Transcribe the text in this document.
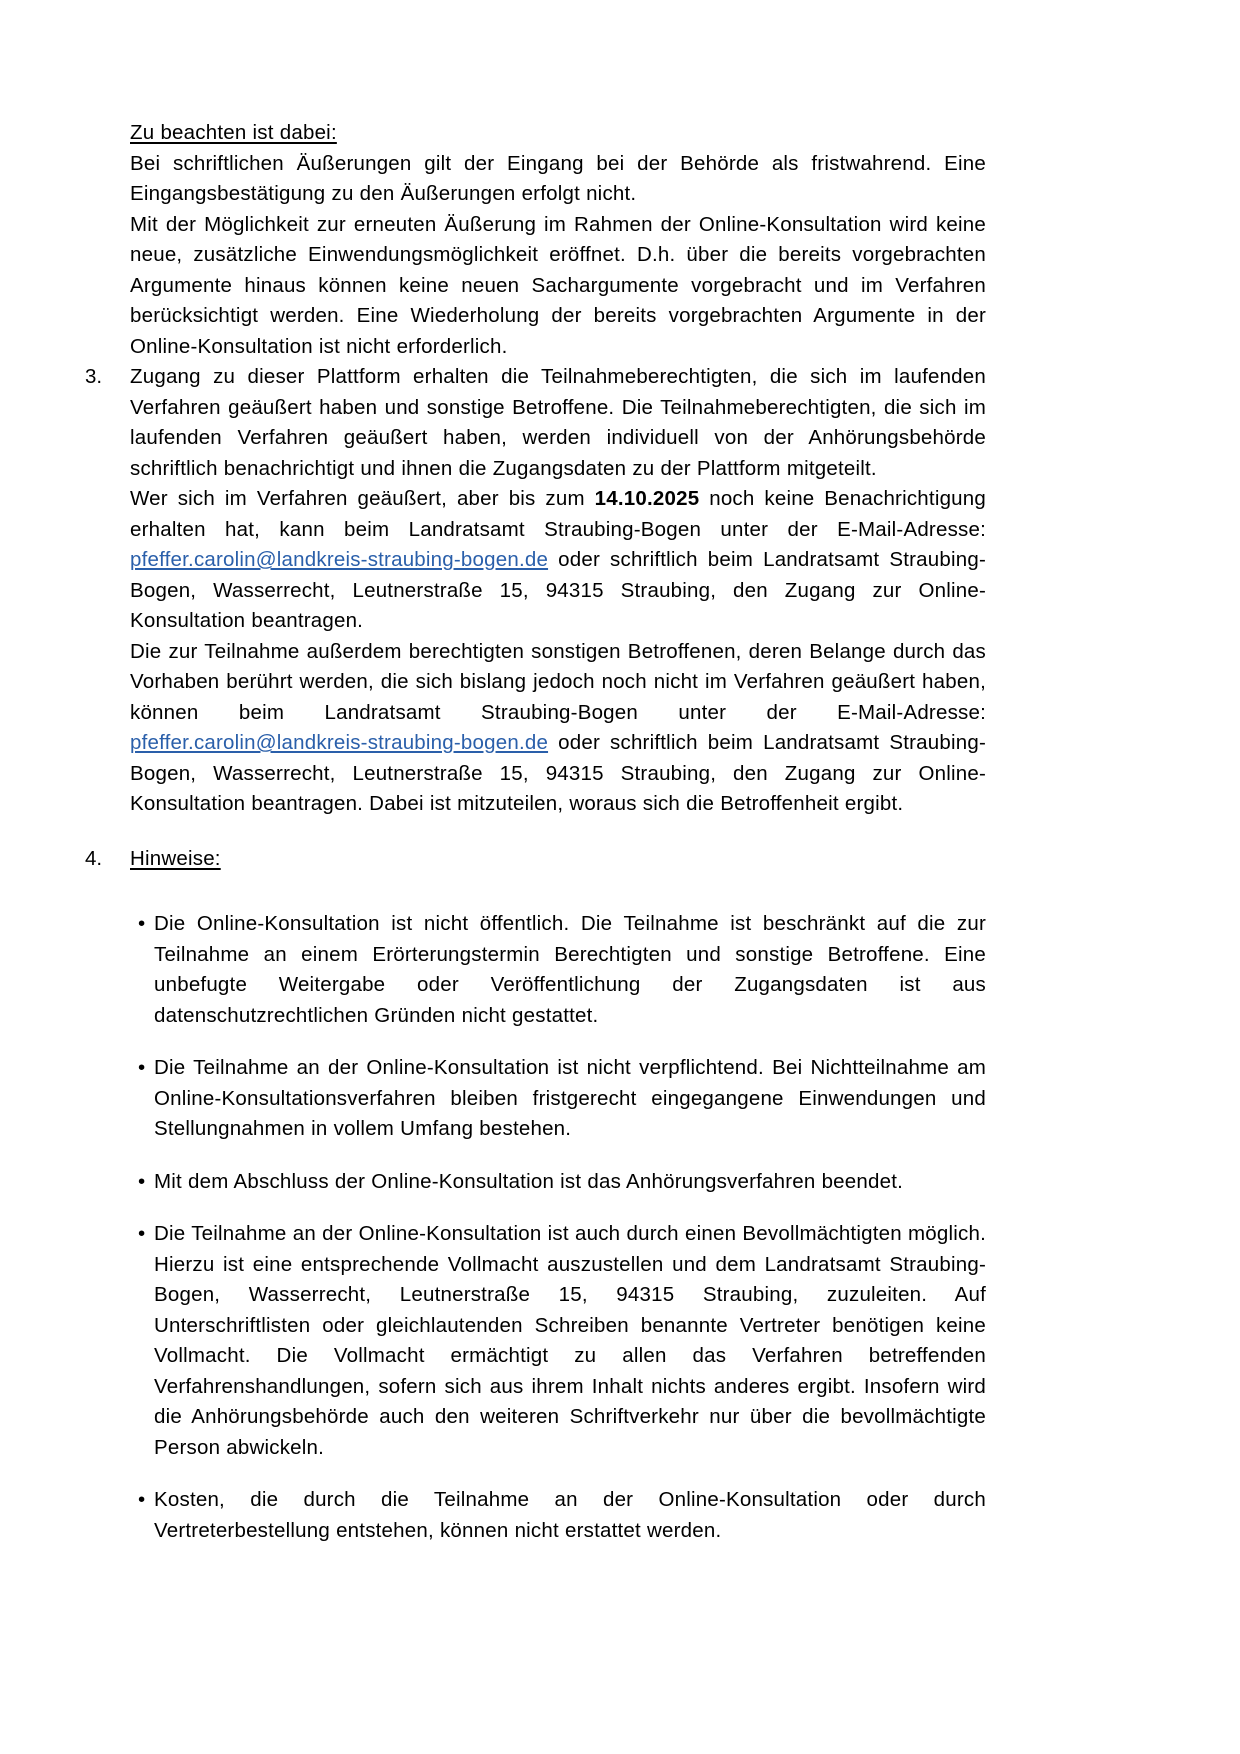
Zu beachten ist dabei:
Bei schriftlichen Äußerungen gilt der Eingang bei der Behörde als fristwahrend. Eine Eingangsbestätigung zu den Äußerungen erfolgt nicht.
Mit der Möglichkeit zur erneuten Äußerung im Rahmen der Online-Konsultation wird keine neue, zusätzliche Einwendungsmöglichkeit eröffnet. D.h. über die bereits vorgebrachten Argumente hinaus können keine neuen Sachargumente vorgebracht und im Verfahren berücksichtigt werden. Eine Wiederholung der bereits vorgebrachten Argumente in der Online-Konsultation ist nicht erforderlich.
3.	Zugang zu dieser Plattform erhalten die Teilnahmeberechtigten, die sich im laufenden Verfahren geäußert haben und sonstige Betroffene. Die Teilnahmeberechtigten, die sich im laufenden Verfahren geäußert haben, werden individuell von der Anhörungsbehörde schriftlich benachrichtigt und ihnen die Zugangsdaten zu der Plattform mitgeteilt.
Wer sich im Verfahren geäußert, aber bis zum 14.10.2025 noch keine Benachrichtigung erhalten hat, kann beim Landratsamt Straubing-Bogen unter der E-Mail-Adresse: pfeffer.carolin@landkreis-straubing-bogen.de oder schriftlich beim Landratsamt Straubing-Bogen, Wasserrecht, Leutnerstraße 15, 94315 Straubing, den Zugang zur Online-Konsultation beantragen.
Die zur Teilnahme außerdem berechtigten sonstigen Betroffenen, deren Belange durch das Vorhaben berührt werden, die sich bislang jedoch noch nicht im Verfahren geäußert haben, können beim Landratsamt Straubing-Bogen unter der E-Mail-Adresse: pfeffer.carolin@landkreis-straubing-bogen.de oder schriftlich beim Landratsamt Straubing-Bogen, Wasserrecht, Leutnerstraße 15, 94315 Straubing, den Zugang zur Online-Konsultation beantragen. Dabei ist mitzuteilen, woraus sich die Betroffenheit ergibt.
4.	Hinweise:
• Die Online-Konsultation ist nicht öffentlich. Die Teilnahme ist beschränkt auf die zur Teilnahme an einem Erörterungstermin Berechtigten und sonstige Betroffene. Eine unbefugte Weitergabe oder Veröffentlichung der Zugangsdaten ist aus datenschutzrechtlichen Gründen nicht gestattet.
• Die Teilnahme an der Online-Konsultation ist nicht verpflichtend. Bei Nichtteilnahme am Online-Konsultationsverfahren bleiben fristgerecht eingegangene Einwendungen und Stellungnahmen in vollem Umfang bestehen.
• Mit dem Abschluss der Online-Konsultation ist das Anhörungsverfahren beendet.
• Die Teilnahme an der Online-Konsultation ist auch durch einen Bevollmächtigten möglich. Hierzu ist eine entsprechende Vollmacht auszustellen und dem Landratsamt Straubing-Bogen, Wasserrecht, Leutnerstraße 15, 94315 Straubing, zuzuleiten. Auf Unterschriftlisten oder gleichlautenden Schreiben benannte Vertreter benötigen keine Vollmacht. Die Vollmacht ermächtigt zu allen das Verfahren betreffenden Verfahrenshandlungen, sofern sich aus ihrem Inhalt nichts anderes ergibt. Insofern wird die Anhörungsbehörde auch den weiteren Schriftverkehr nur über die bevollmächtigte Person abwickeln.
• Kosten, die durch die Teilnahme an der Online-Konsultation oder durch Vertreterbestellung entstehen, können nicht erstattet werden.
